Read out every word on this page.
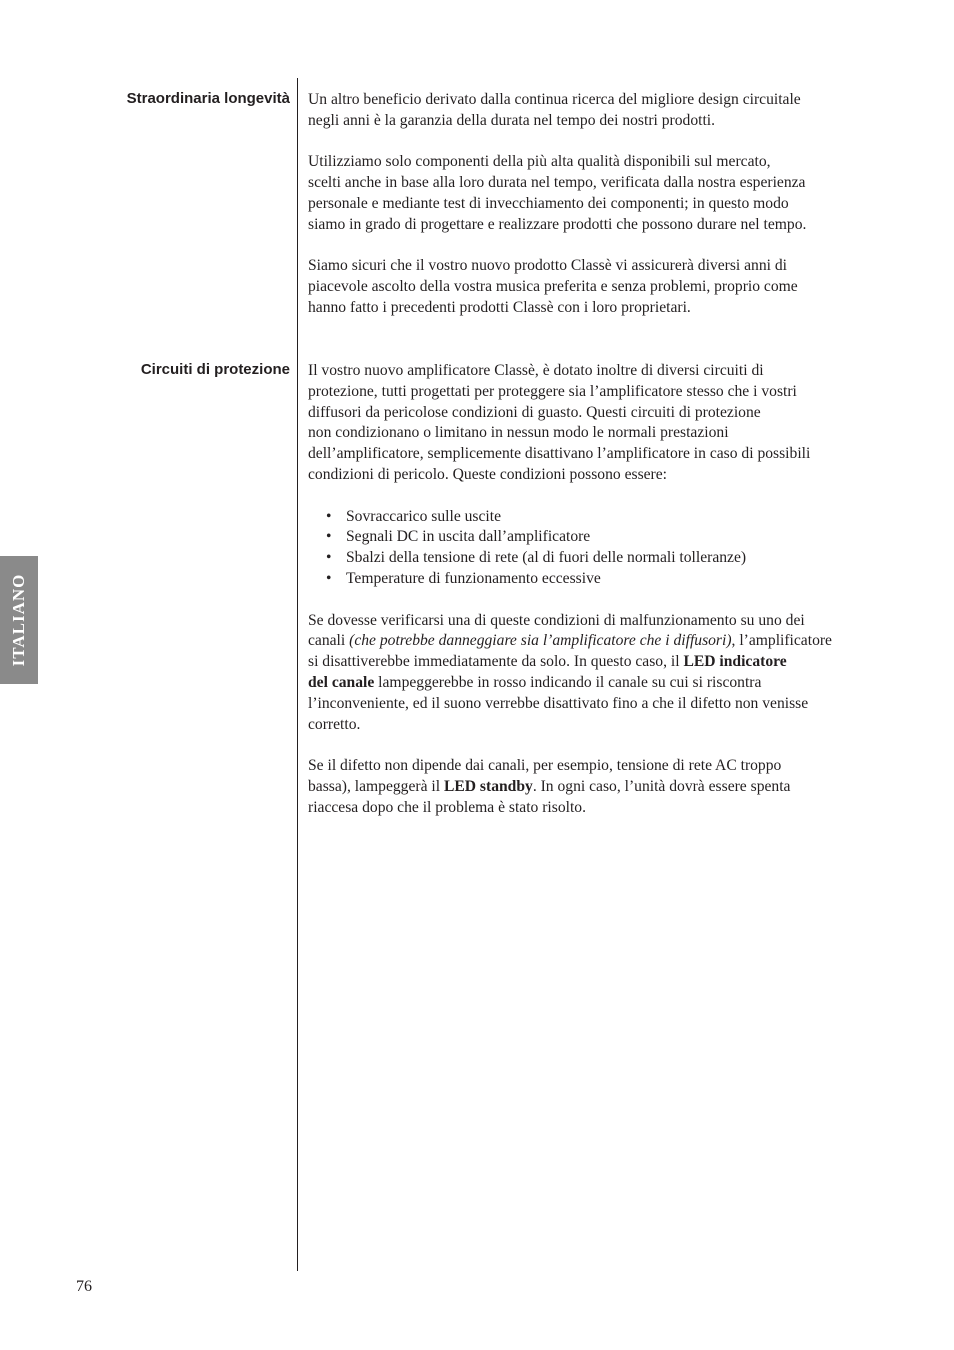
ITALIANO
Straordinaria longevità Un altro beneficio derivato dalla continua ricerca del migliore design circuitale
negli anni è la garanzia della durata nel tempo dei nostri prodotti.

Utilizziamo solo componenti della più alta qualità disponibili sul mercato,
scelti anche in base alla loro durata nel tempo, verificata dalla nostra esperienza
personale e mediante test di invecchiamento dei componenti; in questo modo
siamo in grado di progettare e realizzare prodotti che possono durare nel tempo.

Siamo sicuri che il vostro nuovo prodotto Classè vi assicurerà diversi anni di
piacevole ascolto della vostra musica preferita e senza problemi, proprio come
hanno fatto i precedenti prodotti Classè con i loro proprietari.

Circuiti di protezione Il vostro nuovo amplificatore Classè, è dotato inoltre di diversi circuiti di
protezione, tutti progettati per proteggere sia l’amplificatore stesso che i vostri
diffusori da pericolose condizioni di guasto. Questi circuiti di protezione
non condizionano o limitano in nessun modo le normali prestazioni
dell’amplificatore, semplicemente disattivano l’amplificatore in caso di possibili
condizioni di pericolo. Queste condizioni possono essere:

• Sovraccarico sulle uscite
• Segnali DC in uscita dall’amplificatore
• Sbalzi della tensione di rete (al di fuori delle normali tolleranze)
• Temperature di funzionamento eccessive

Se dovesse verificarsi una di queste condizioni di malfunzionamento su uno dei
canali (che potrebbe danneggiare sia l’amplificatore che i diffusori), l’amplificatore
si disattiverebbe immediatamente da solo. In questo caso, il LED indicatore
del canale lampeggerebbe in rosso indicando il canale su cui si riscontra
l’inconveniente, ed il suono verrebbe disattivato fino a che il difetto non venisse
corretto.

Se il difetto non dipende dai canali, per esempio, tensione di rete AC troppo
bassa), lampeggerà il LED standby. In ogni caso, l’unità dovrà essere spenta
riaccesa dopo che il problema è stato risolto.

76
